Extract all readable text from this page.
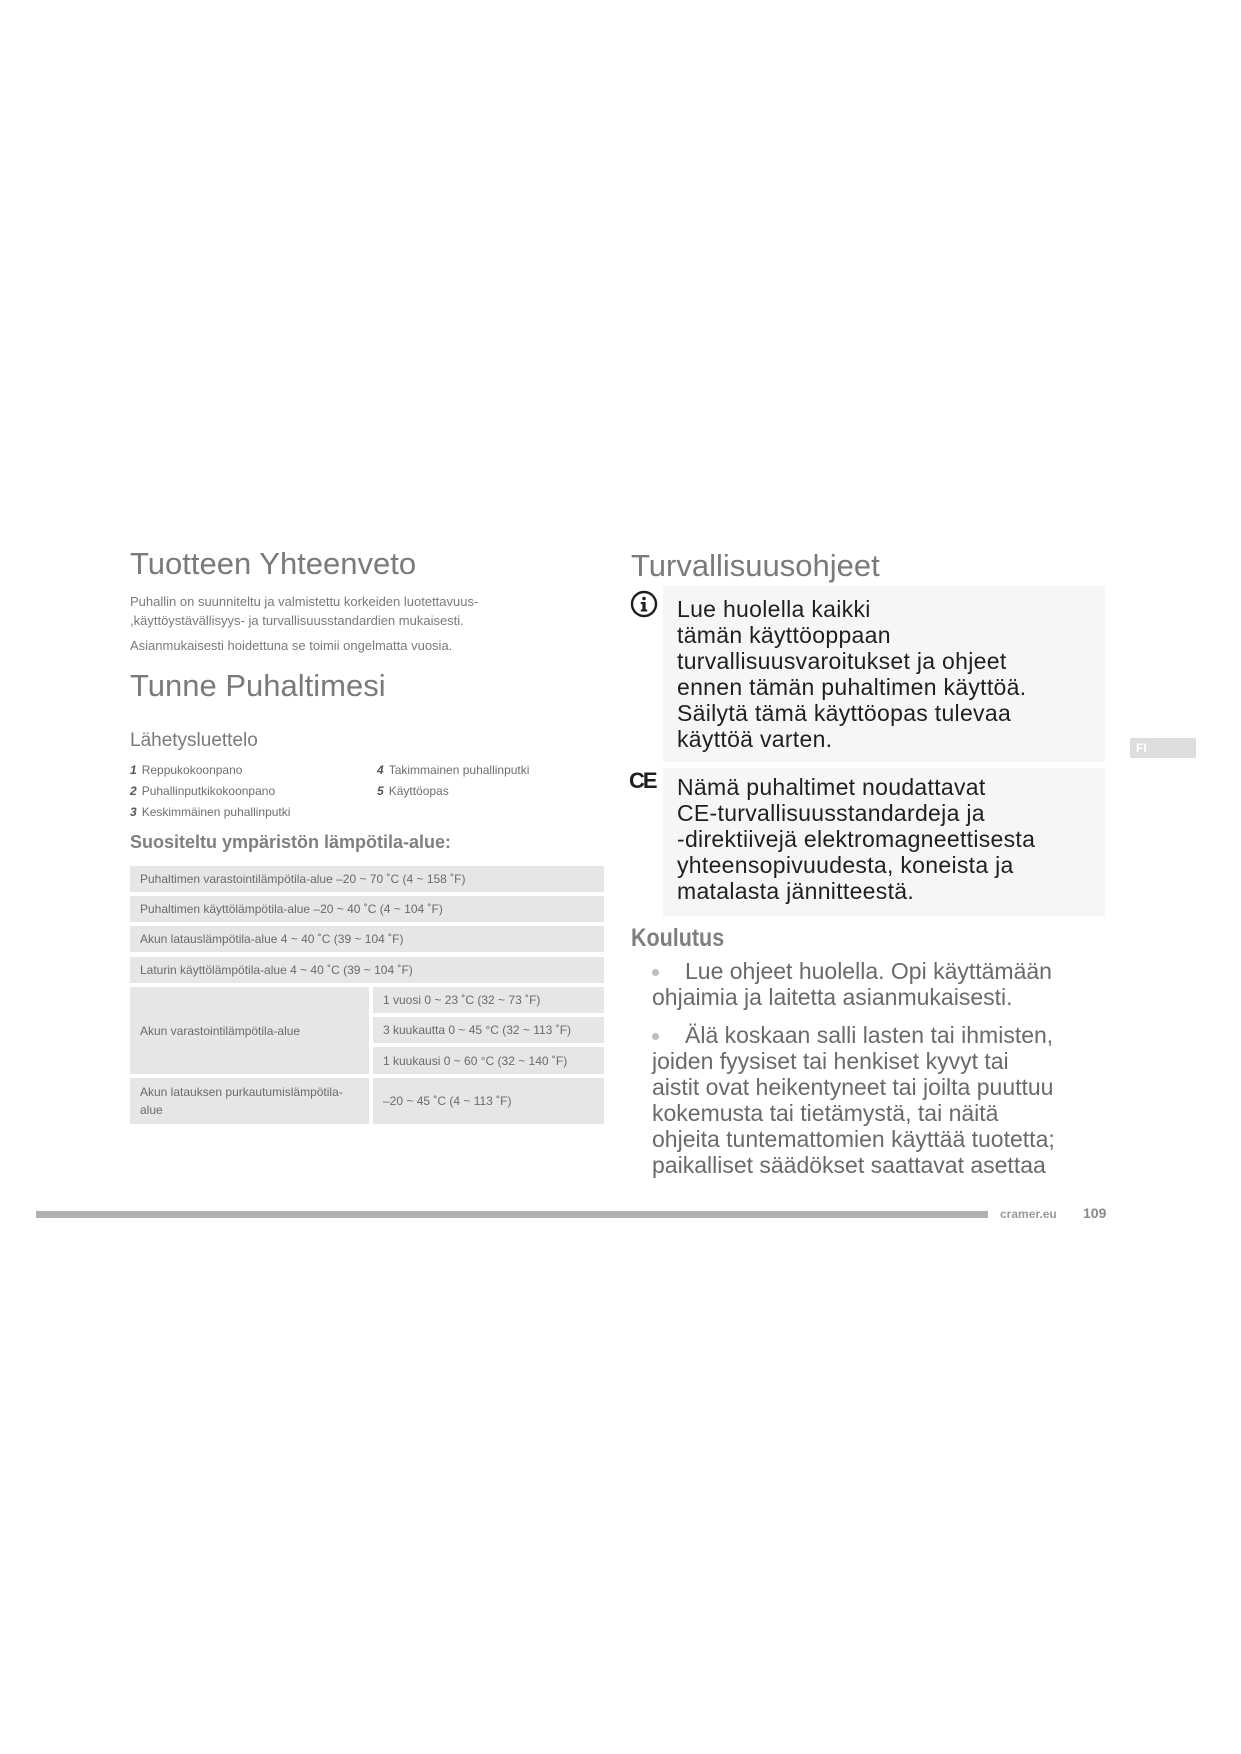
Tuotteen Yhteenveto
Puhallin on suunniteltu ja valmistettu korkeiden luotettavuus-
,käyttöystävällisyys- ja turvallisuusstandardien mukaisesti.
Asianmukaisesti hoidettuna se toimii ongelmatta vuosia.
Tunne Puhaltimesi
Lähetysluettelo
1 Reppukokoonpano
2 Puhallinputkikokoonpano
3 Keskimmäinen puhallinputki
4 Takimmainen puhallinputki
5 Käyttöopas
Suositeltu ympäristön lämpötila-alue:
Puhaltimen varastointilämpötila-alue –20 ~ 70 ˚C (4 ~ 158 ˚F)
Puhaltimen käyttölämpötila-alue –20 ~ 40 ˚C (4 ~ 104 ˚F)
Akun latauslämpötila-alue 4 ~ 40 ˚C (39 ~ 104 ˚F)
Laturin käyttölämpötila-alue 4 ~ 40 ˚C (39 ~ 104 ˚F)
Akun varastointilämpötila-alue
1 vuosi 0 ~ 23 ˚C (32 ~ 73 ˚F)
3 kuukautta 0 ~ 45 °C (32 ~ 113 ˚F)
1 kuukausi 0 ~ 60 °C (32 ~ 140 ˚F)
Akun latauksen purkautumislämpötila-alue
–20 ~ 45 ˚C (4 ~ 113 ˚F)
Turvallisuusohjeet
Lue huolella kaikki
tämän käyttöoppaan
turvallisuusvaroitukset ja ohjeet
ennen tämän puhaltimen käyttöä.
Säilytä tämä käyttöopas tulevaa
käyttöä varten.
CE Nämä puhaltimet noudattavat
CE-turvallisuusstandardeja ja
-direktiivejä elektromagneettisesta
yhteensopivuudesta, koneista ja
matalasta jännitteestä.
Koulutus
Lue ohjeet huolella. Opi käyttämään
ohjaimia ja laitetta asianmukaisesti.
Älä koskaan salli lasten tai ihmisten,
joiden fyysiset tai henkiset kyvyt tai
aistit ovat heikentyneet tai joilta puuttuu
kokemusta tai tietämystä, tai näitä
ohjeita tuntemattomien käyttää tuotetta;
paikalliset säädökset saattavat asettaa
FI
cramer.eu 109
